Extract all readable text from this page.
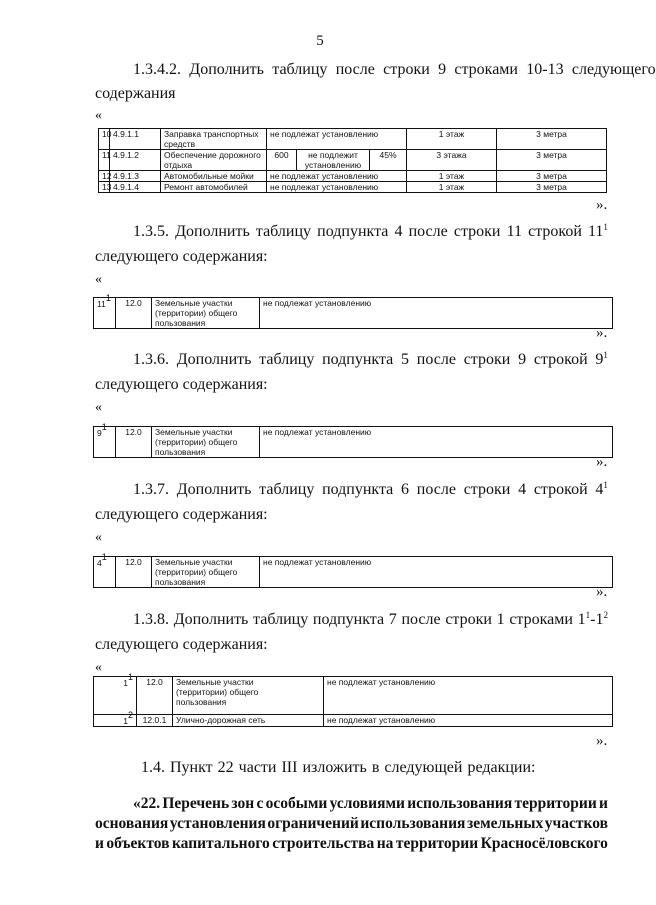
5
1.3.4.2. Дополнить таблицу после строки 9 строками 10-13 следующего
содержания
«
10	4.9.1.1	Заправка транспортных средств	не подлежат установлению			1 этаж	3 метра
11	4.9.1.2	Обеспечение дорожного отдыха	600	не подлежит установлению	45%	3 этажа	3 метра
12	4.9.1.3	Автомобильные мойки	не подлежат установлению			1 этаж	3 метра
13	4.9.1.4	Ремонт автомобилей	не подлежат установлению			1 этаж	3 метра
».
1.3.5. Дополнить таблицу подпункта 4 после строки 11 строкой $11^1$
следующего содержания:
«
$11^1$	12.0	Земельные участки (территории) общего пользования	не подлежат установлению
».
1.3.6. Дополнить таблицу подпункта 5 после строки 9 строкой $9^1$
следующего содержания:
«
$9^1$	12.0	Земельные участки (территории) общего пользования	не подлежат установлению
».
1.3.7. Дополнить таблицу подпункта 6 после строки 4 строкой $4^1$
следующего содержания:
«
$4^1$	12.0	Земельные участки (территории) общего пользования	не подлежат установлению
».
1.3.8. Дополнить таблицу подпункта 7 после строки 1 строками $1^1-1^2$
следующего содержания:
«
$1^1$	12.0	Земельные участки (территории) общего пользования	не подлежат установлению
$1^2$	12.0.1	Улично-дорожная сеть	не подлежат установлению
».
1.4. Пункт 22 части III изложить в следующей редакции:
«22. Перечень зон с особыми условиями использования территории и
основания установления ограничений использования земельных участков
и объектов капитального строительства на территории Красносёловского
